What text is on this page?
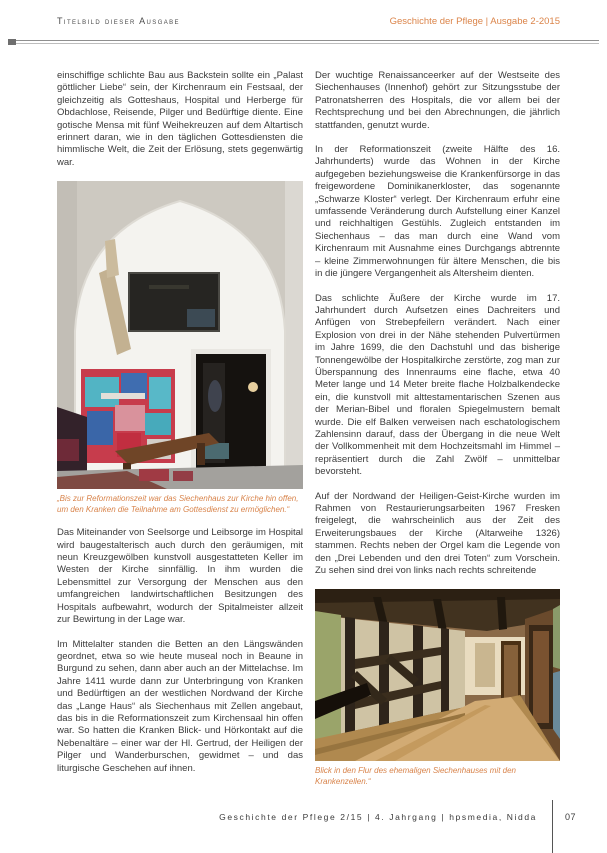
Titelbild dieser Ausgabe	Geschichte der Pflege | Ausgabe 2-2015

einschiffige schlichte Bau aus Backstein sollte ein „Palast göttlicher Liebe“ sein, der Kirchenraum ein Festsaal, der gleichzeitig als Gotteshaus, Hospital und Herberge für Obdachlose, Reisende, Pilger und Bedürftige diente. Eine gotische Mensa mit fünf Weihekreuzen auf dem Altartisch erinnert daran, wie in den täglichen Gottesdiensten die himmlische Welt, die Zeit der Erlösung, stets gegenwärtig war.

„Bis zur Reformationszeit war das Siechenhaus zur Kirche hin offen, um den Kranken die Teilnahme am Gottesdienst zu ermöglichen.“

Das Miteinander von Seelsorge und Leibsorge im Hospital wird baugestalterisch auch durch den geräumigen, mit neun Kreuzgewölben kunstvoll ausgestatteten Keller im Westen der Kirche sinnfällig. In ihm wurden die Lebensmittel zur Versorgung der Menschen aus den umfangreichen landwirtschaftlichen Besitzungen des Hospitals aufbewahrt, wodurch der Spitalmeister allzeit zur Bewirtung in der Lage war.

Im Mittelalter standen die Betten an den Längswänden geordnet, etwa so wie heute museal noch in Beaune in Burgund zu sehen, dann aber auch an der Mittelachse. Im Jahre 1411 wurde dann zur Unterbringung von Kranken und Bedürftigen an der westlichen Nordwand der Kirche das „Lange Haus“ als Siechenhaus mit Zellen angebaut, das bis in die Reformationszeit zum Kirchensaal hin offen war. So hatten die Kranken Blick- und Hörkontakt auf die Nebenaltäre – einer war der Hl. Gertrud, der Heiligen der Pilger und Wanderburschen, gewidmet – und das liturgische Geschehen auf ihnen.

Der wuchtige Renaissanceerker auf der Westseite des Siechenhauses (Innenhof) gehört zur Sitzungsstube der Patronatsherren des Hospitals, die vor allem bei der Rechtsprechung und bei den Abrechnungen, die jährlich stattfanden, genutzt wurde.

In der Reformationszeit (zweite Hälfte des 16. Jahrhunderts) wurde das Wohnen in der Kirche aufgegeben beziehungsweise die Krankenfürsorge in das freigewordene Dominikanerkloster, das sogenannte „Schwarze Kloster“ verlegt. Der Kirchenraum erfuhr eine umfassende Veränderung durch Aufstellung einer Kanzel und reichhaltigen Gestühls. Zugleich entstanden im Siechenhaus – das man durch eine Wand vom Kirchenraum mit Ausnahme eines Durchgangs abtrennte – kleine Zimmerwohnungen für ältere Menschen, die bis in die jüngere Vergangenheit als Altersheim dienten.

Das schlichte Äußere der Kirche wurde im 17. Jahrhundert durch Aufsetzen eines Dachreiters und Anfügen von Strebepfeilern verändert. Nach einer Explosion von drei in der Nähe stehenden Pulvertürmen im Jahre 1699, die den Dachstuhl und das bisherige Tonnengewölbe der Hospitalkirche zerstörte, zog man zur Überspannung des Innenraums eine flache, etwa 40 Meter lange und 14 Meter breite flache Holzbalkendecke ein, die kunstvoll mit alttestamentarischen Szenen aus der Merian-Bibel und floralen Spiegelmustern bemalt wurde. Die elf Balken verweisen nach eschatologischem Zahlensinn darauf, dass der Übergang in die neue Welt der Vollkommenheit mit dem Hochzeitsmahl im Himmel – repräsentiert durch die Zahl Zwölf – unmittelbar bevorsteht.

Auf der Nordwand der Heiligen-Geist-Kirche wurden im Rahmen von Restaurierungsarbeiten 1967 Fresken freigelegt, die wahrscheinlich aus der Zeit des Erweiterungsbaues der Kirche (Altarweihe 1326) stammen. Rechts neben der Orgel kam die Legende von den „Drei Lebenden und den drei Toten“ zum Vorschein. Zu sehen sind drei von links nach rechts schreitende

Blick in den Flur des ehemaligen Siechenhauses mit den Krankenzellen.“

Geschichte der Pflege 2/15 | 4. Jahrgang | hpsmedia, Nidda	07
